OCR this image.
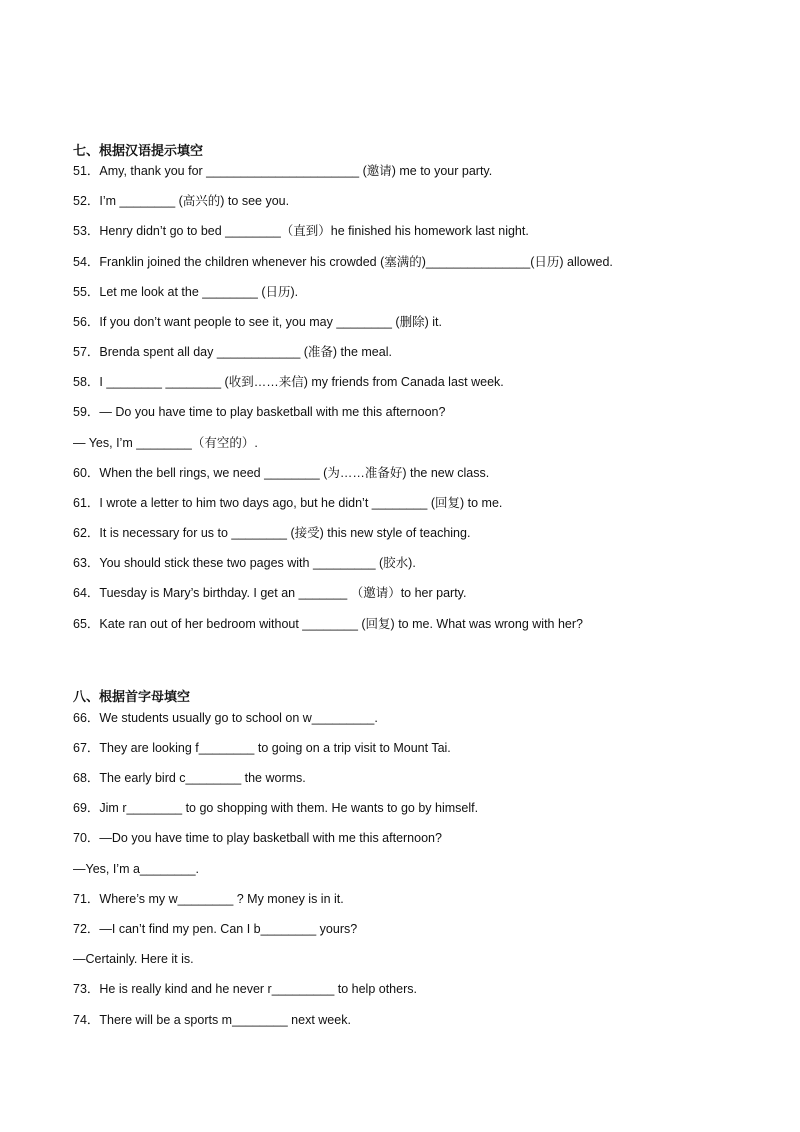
七、根据汉语提示填空
51．Amy, thank you for ______________________ (邀请) me to your party.
52．I’m ________ (高兴的) to see you.
53．Henry didn’t go to bed ________（直到）he finished his homework last night.
54．Franklin joined the children whenever his crowded (塞满的)_______________(日历) allowed.
55．Let me look at the ________ (日历).
56．If you don’t want people to see it, you may ________ (删除) it.
57．Brenda spent all day ____________ (准备) the meal.
58．I ________ ________ (收到……来信) my friends from Canada last week.
59．— Do you have time to play basketball with me this afternoon?
— Yes, I’m ________（有空的）.
60．When the bell rings, we need ________ (为……准备好) the new class.
61．I wrote a letter to him two days ago, but he didn’t ________ (回复) to me.
62．It is necessary for us to ________ (接受) this new style of teaching.
63．You should stick these two pages with _________ (胶水).
64．Tuesday is Mary’s birthday. I get an _______ （邀请）to her party.
65．Kate ran out of her bedroom without ________ (回复) to me. What was wrong with her?
八、根据首字母填空
66．We students usually go to school on w_________.
67．They are looking f________ to going on a trip visit to Mount Tai.
68．The early bird c________ the worms.
69．Jim r________ to go shopping with them. He wants to go by himself.
70．—Do you have time to play basketball with me this afternoon?
—Yes, I’m a________.
71．Where’s my w________ ? My money is in it.
72．—I can’t find my pen. Can I b________ yours?
—Certainly. Here it is.
73．He is really kind and he never r_________ to help others.
74．There will be a sports m________ next week.
